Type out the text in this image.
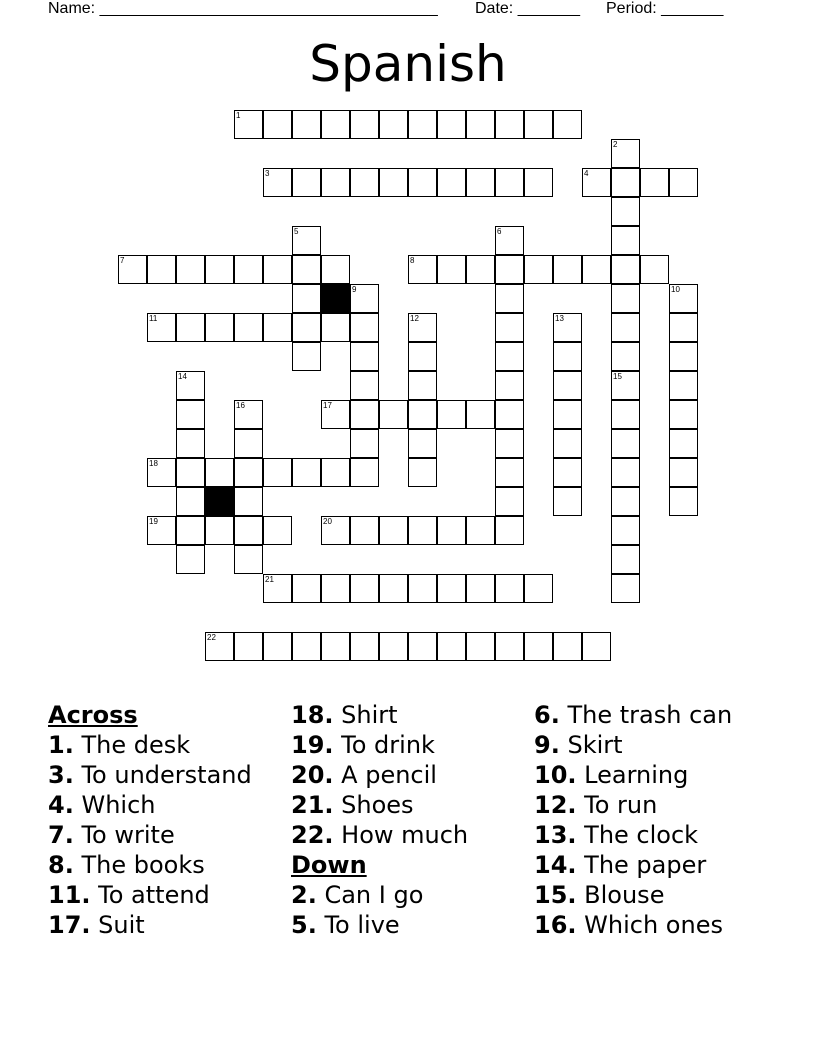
Name: ______________________________________ Date: _______ Period: _______
Spanish
1
2
3	4
5	6
7	8
9	10
11	12	13
14	15
16	17
18
19	20
21
22
Across
1. The desk
3. To understand
4. Which
7. To write
8. The books
11. To attend
17. Suit
18. Shirt
19. To drink
20. A pencil
21. Shoes
22. How much
Down
2. Can I go
5. To live
6. The trash can
9. Skirt
10. Learning
12. To run
13. The clock
14. The paper
15. Blouse
16. Which ones
